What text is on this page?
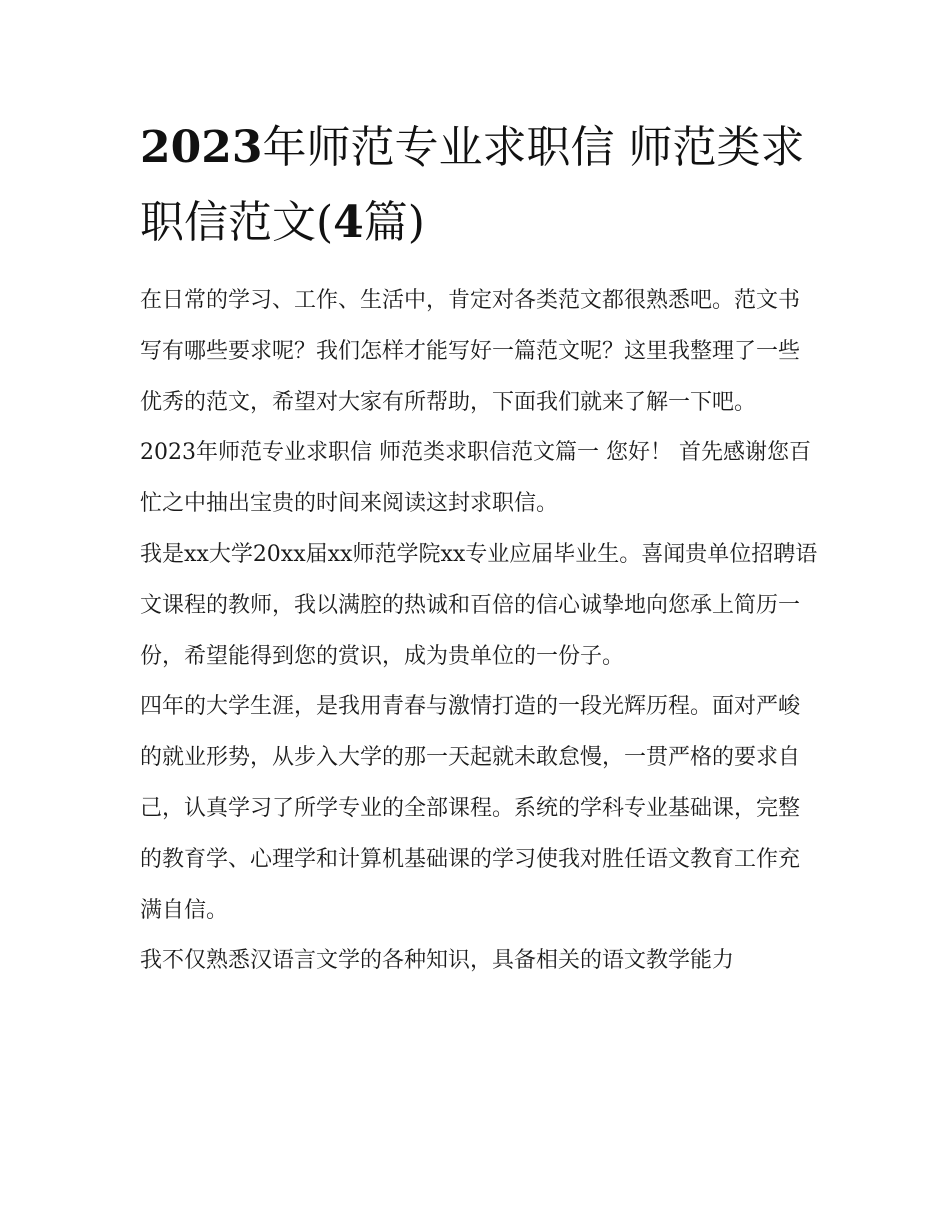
2023年师范专业求职信 师范类求职信范文(4篇)

在日常的学习、工作、生活中，肯定对各类范文都很熟悉吧。范文书写有哪些要求呢？我们怎样才能写好一篇范文呢？这里我整理了一些优秀的范文，希望对大家有所帮助，下面我们就来了解一下吧。

2023年师范专业求职信 师范类求职信范文篇一 您好！ 首先感谢您百忙之中抽出宝贵的时间来阅读这封求职信。

我是xx大学20xx届xx师范学院xx专业应届毕业生。喜闻贵单位招聘语文课程的教师，我以满腔的热诚和百倍的信心诚挚地向您承上简历一份，希望能得到您的赏识，成为贵单位的一份子。

四年的大学生涯，是我用青春与激情打造的一段光辉历程。面对严峻的就业形势，从步入大学的那一天起就未敢怠慢，一贯严格的要求自己，认真学习了所学专业的全部课程。系统的学科专业基础课，完整的教育学、心理学和计算机基础课的学习使我对胜任语文教育工作充满自信。

我不仅熟悉汉语言文学的各种知识，具备相关的语文教学能力
